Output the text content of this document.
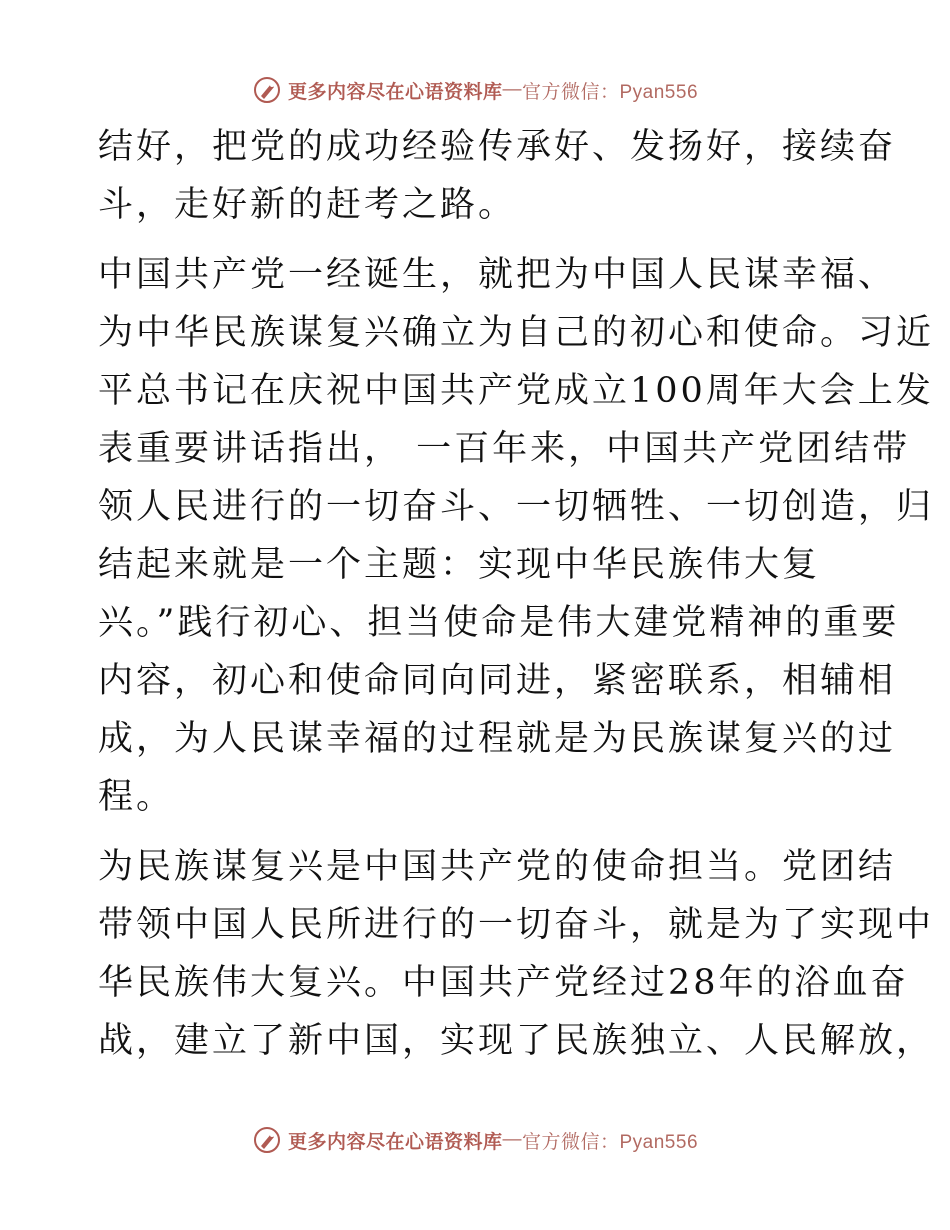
更多内容尽在心语资料库 — 官方微信：Pyan556
结好，把党的成功经验传承好、发扬好，接续奋
斗，走好新的赶考之路。
中国共产党一经诞生，就把为中国人民谋幸福、
为中华民族谋复兴确立为自己的初心和使命。习近
平总书记在庆祝中国共产党成立100周年大会上发
表重要讲话指出， 一百年来，中国共产党团结带
领人民进行的一切奋斗、一切牺牲、一切创造，归
结起来就是一个主题：实现中华民族伟大复
兴。”践行初心、担当使命是伟大建党精神的重要
内容，初心和使命同向同进，紧密联系，相辅相
成，为人民谋幸福的过程就是为民族谋复兴的过
程。
为民族谋复兴是中国共产党的使命担当。党团结
带领中国人民所进行的一切奋斗，就是为了实现中
华民族伟大复兴。中国共产党经过28年的浴血奋
战，建立了新中国，实现了民族独立、人民解放，
更多内容尽在心语资料库 — 官方微信：Pyan556
